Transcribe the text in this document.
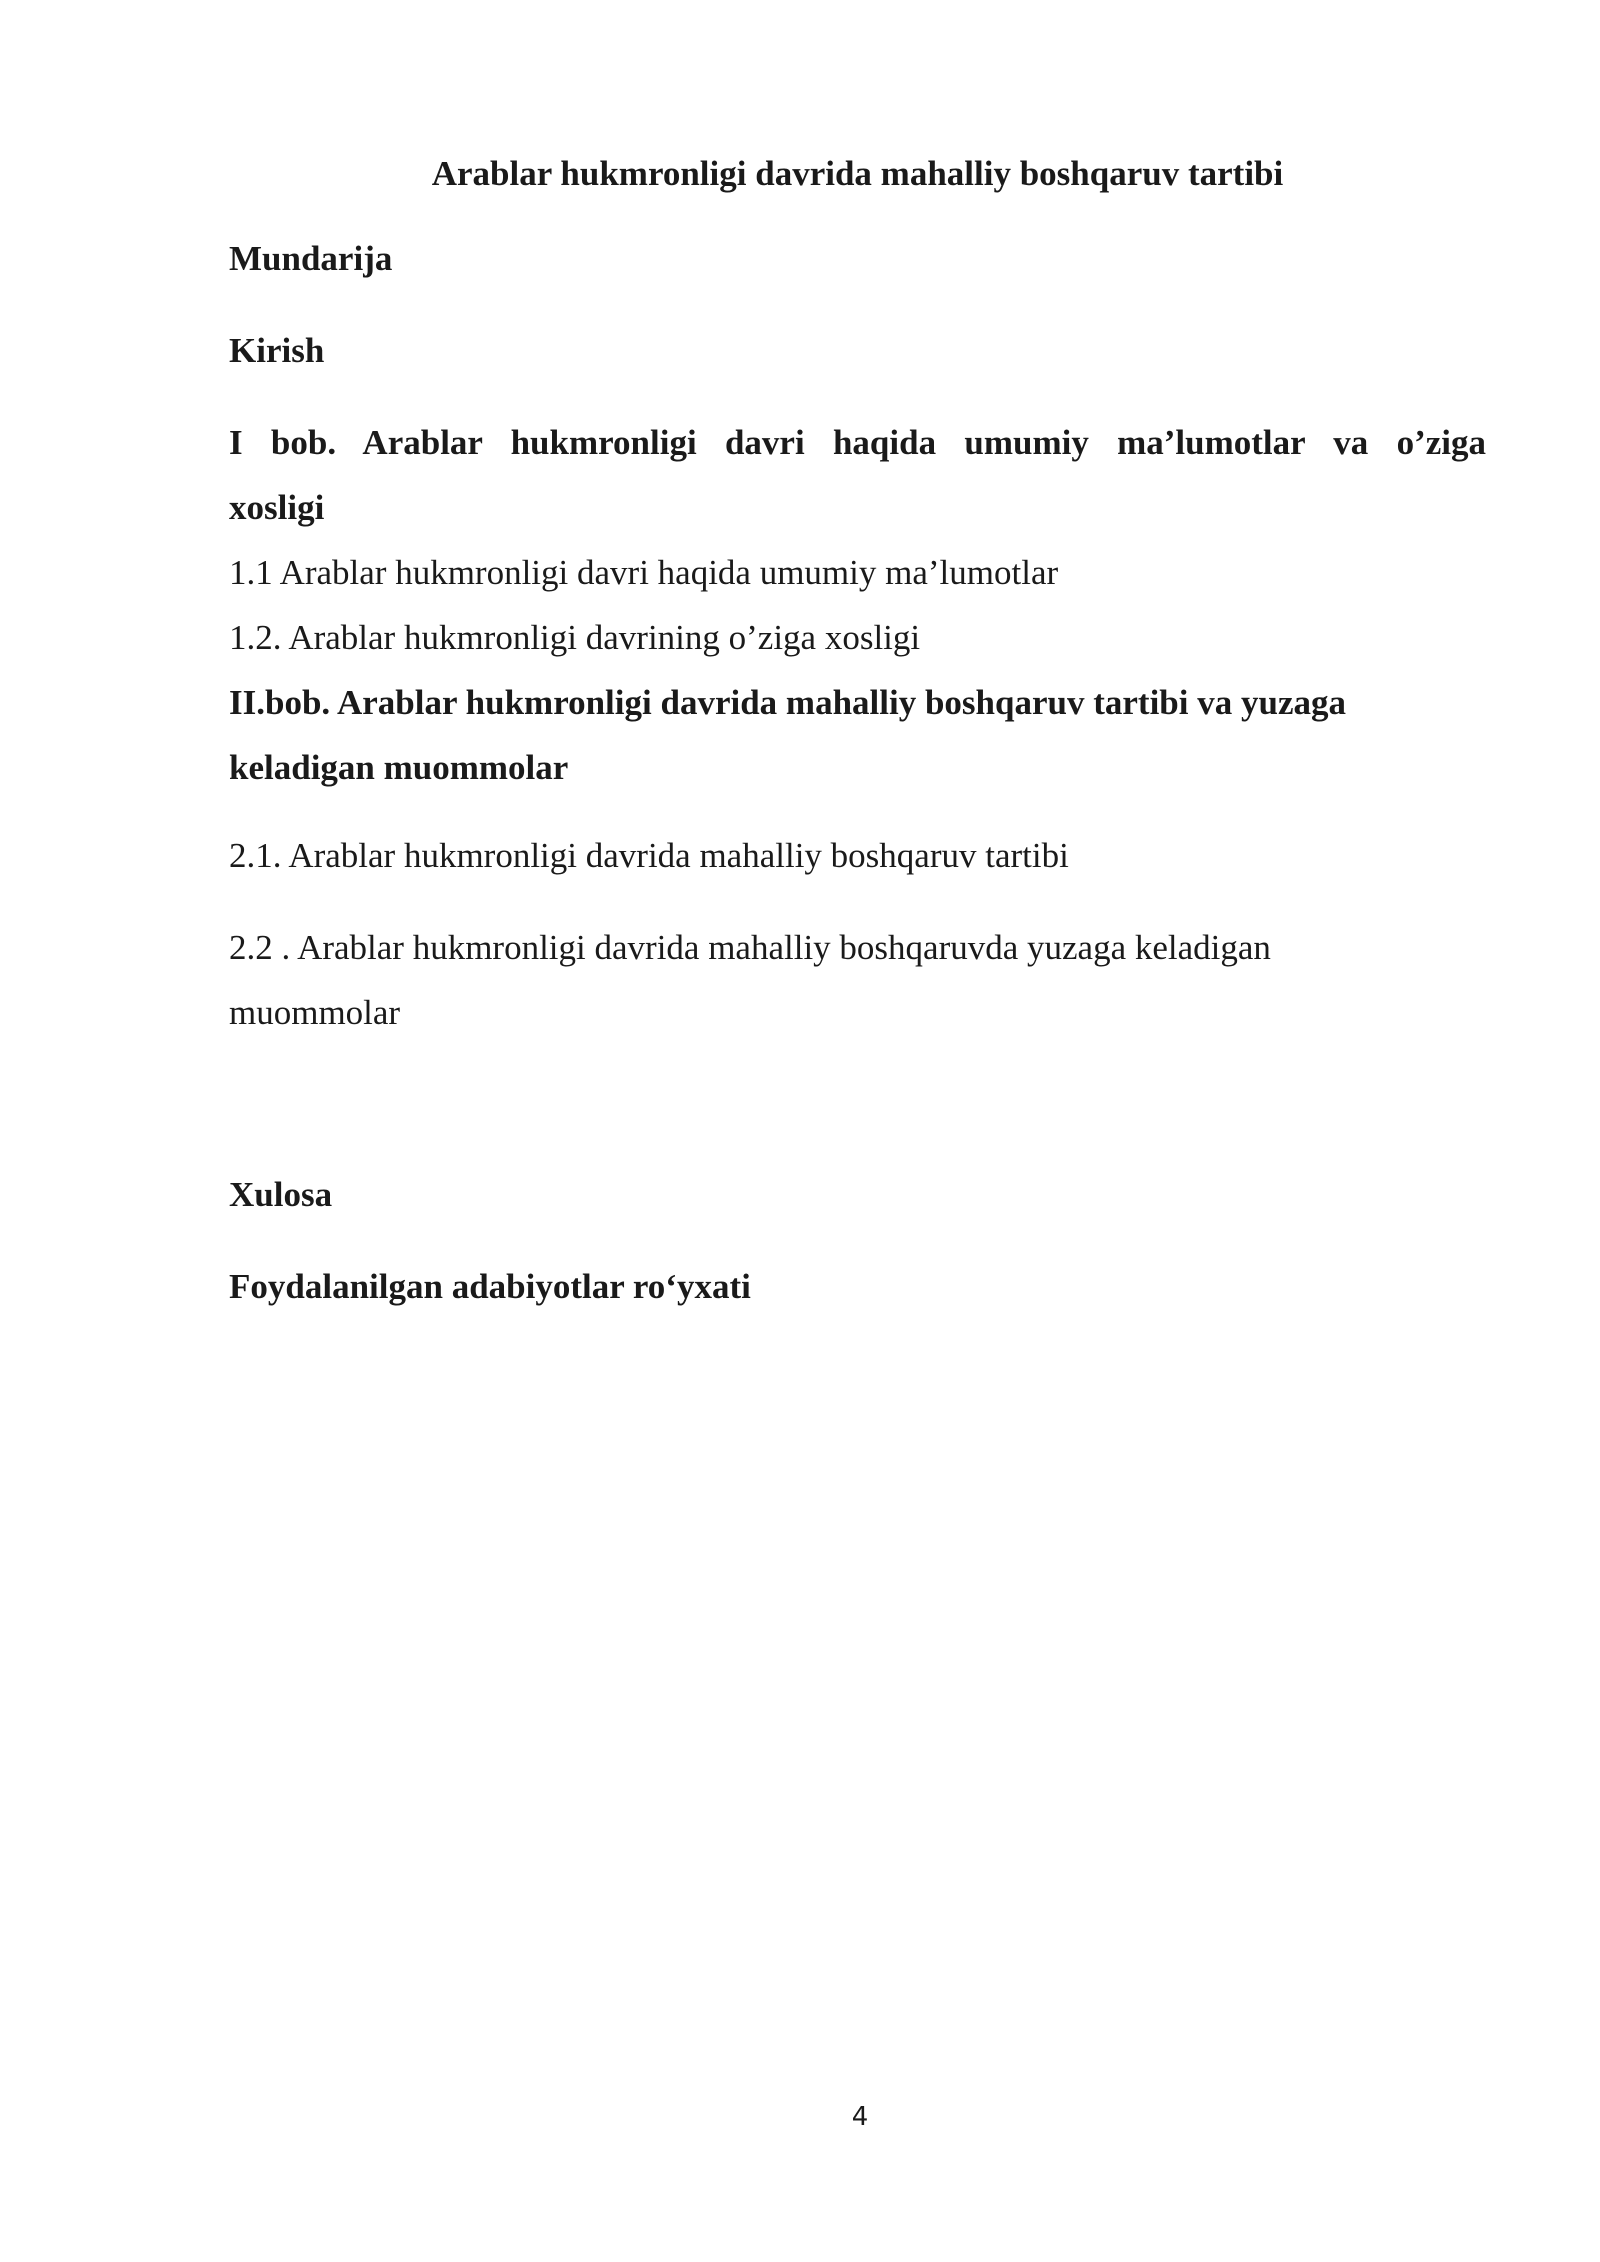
Arablar hukmronligi davrida mahalliy boshqaruv tartibi
Mundarija
Kirish
I bob. Arablar hukmronligi davri haqida umumiy ma’lumotlar va o’ziga
xosligi
1.1 Arablar hukmronligi davri haqida umumiy ma’lumotlar
1.2. Arablar hukmronligi davrining o’ziga xosligi
II.bob. Arablar hukmronligi davrida mahalliy boshqaruv tartibi va yuzaga
keladigan muommolar
2.1. Arablar hukmronligi davrida mahalliy boshqaruv tartibi
2.2 . Arablar hukmronligi davrida mahalliy boshqaruvda yuzaga keladigan
muommolar
Xulosa
Foydalanilgan adabiyotlar ro‘yxati
4
